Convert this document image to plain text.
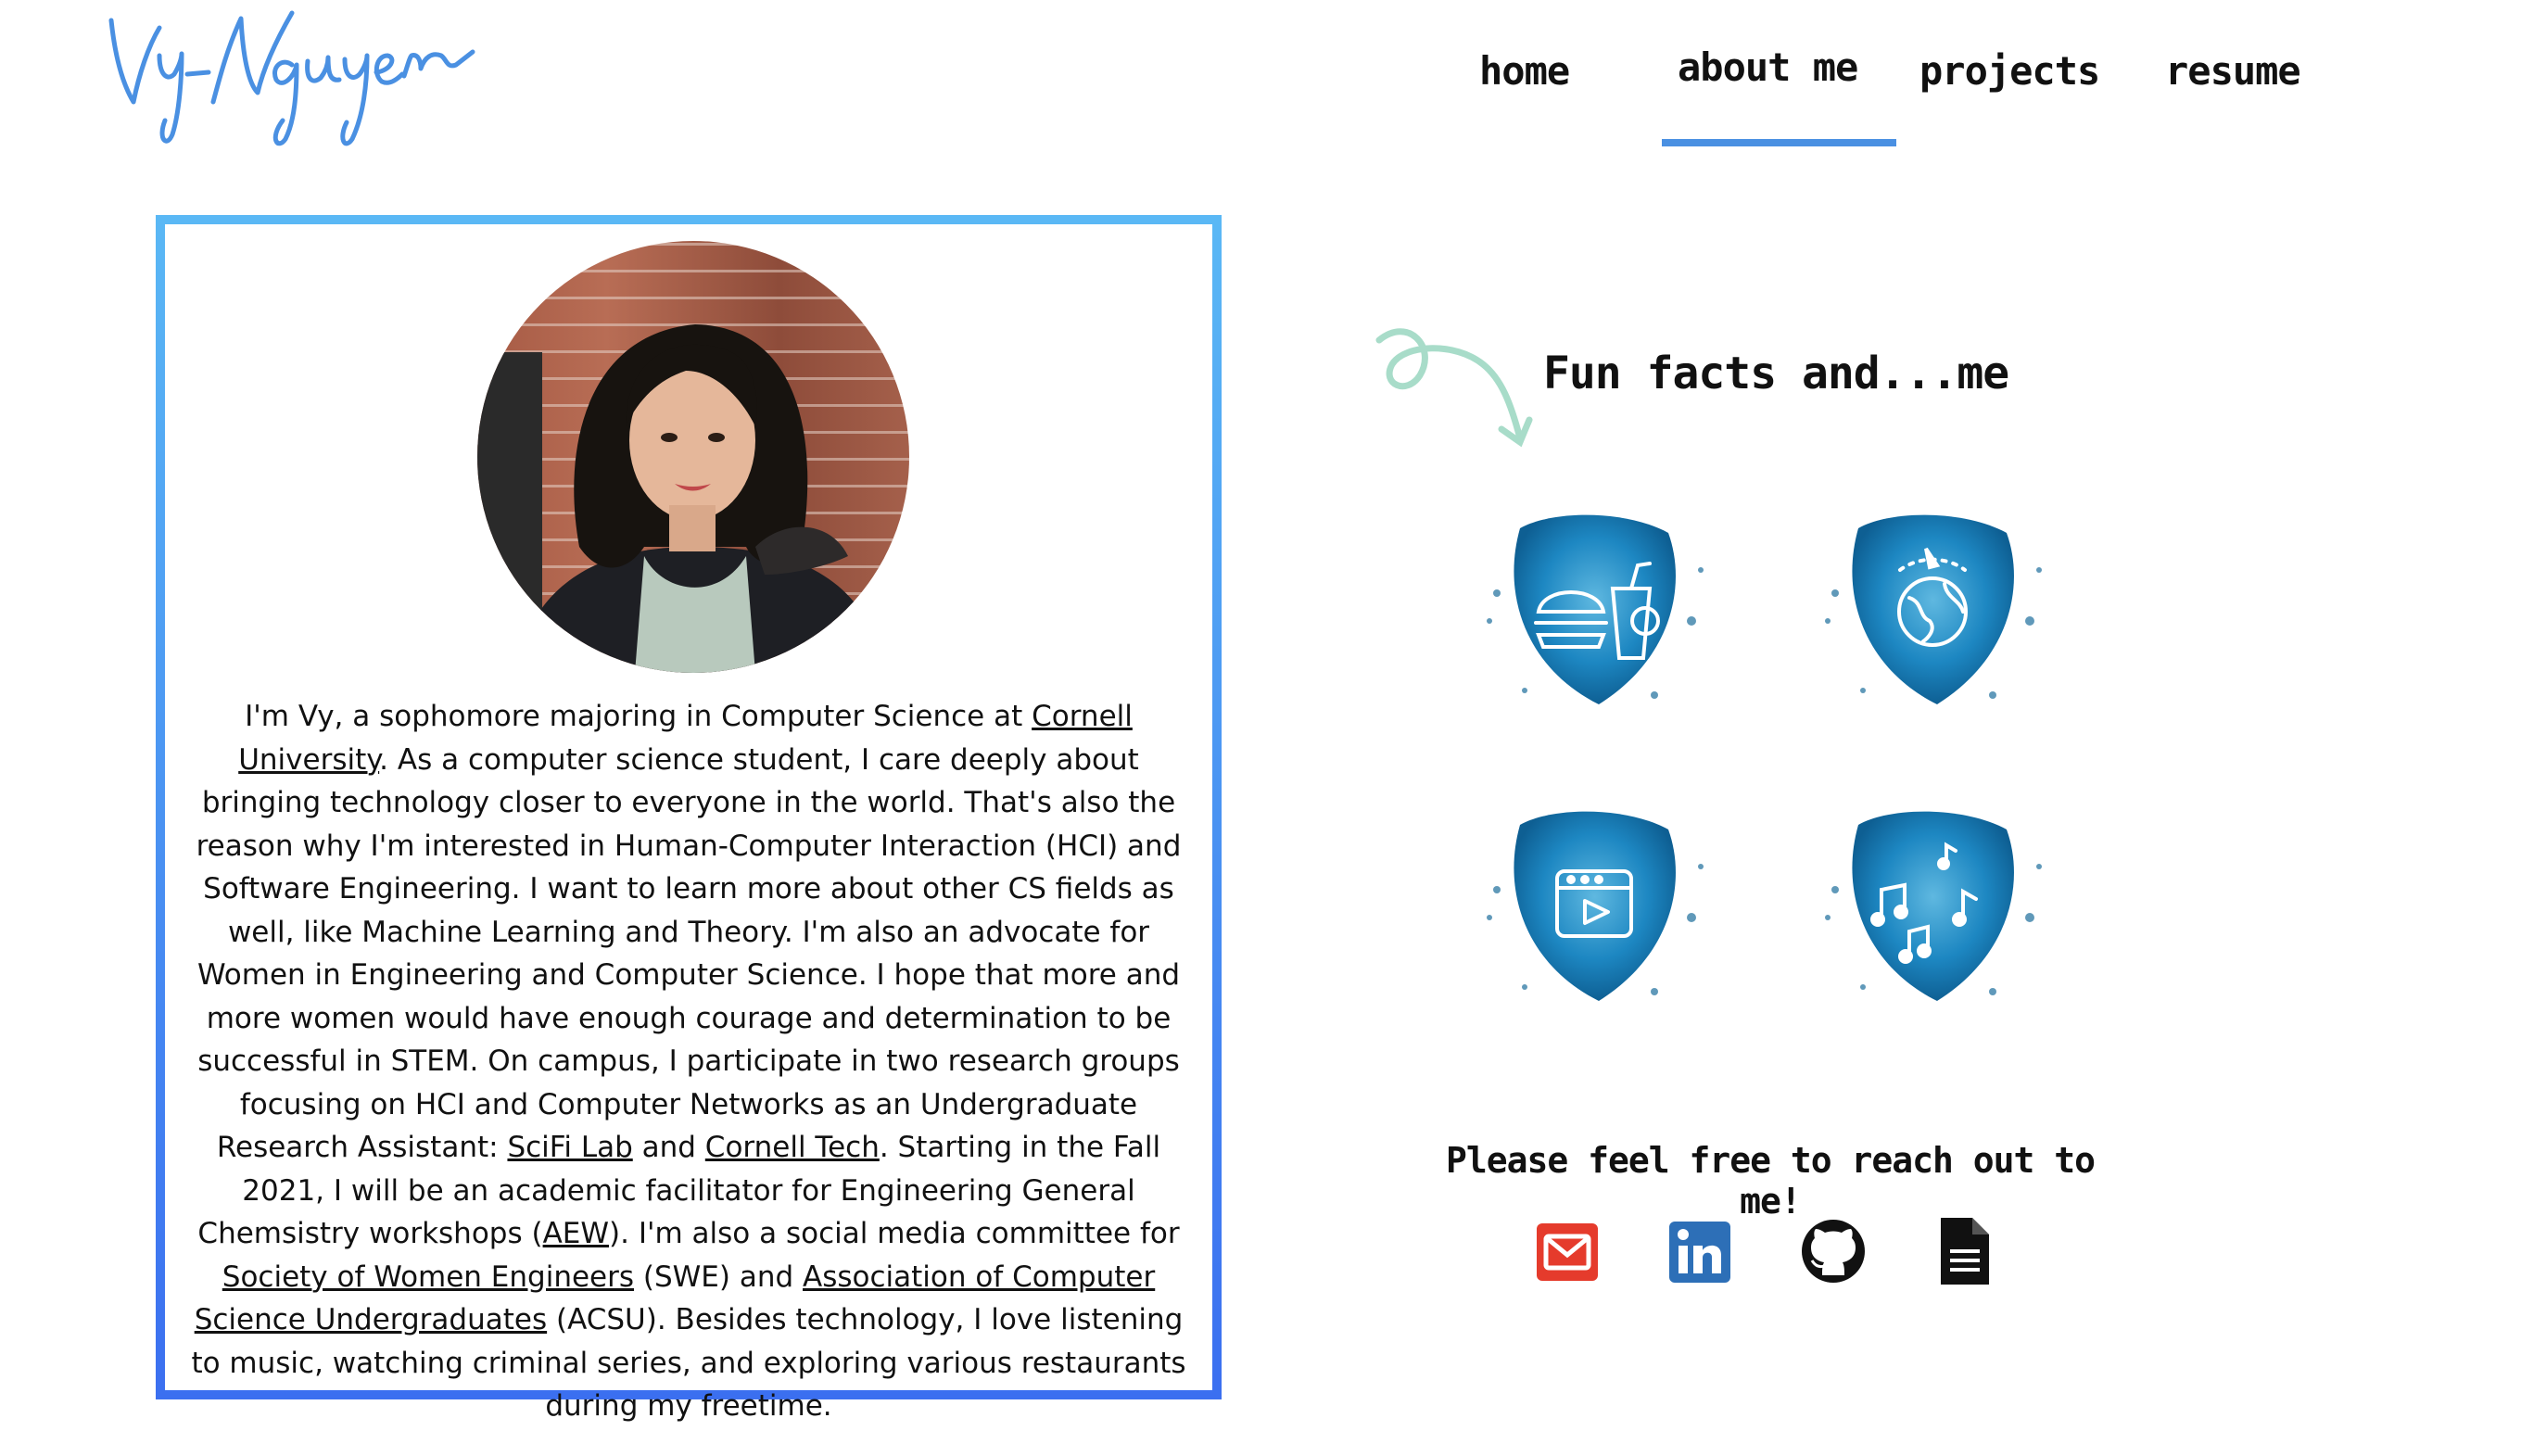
home	about me projects resume
I'm Vy, a sophomore majoring in Computer Science at Cornell University. As a computer science student, I care deeply about bringing technology closer to everyone in the world. That's also the reason why I'm interested in Human-Computer Interaction (HCI) and Software Engineering. I want to learn more about other CS fields as well, like Machine Learning and Theory. I'm also an advocate for Women in Engineering and Computer Science. I hope that more and more women would have enough courage and determination to be successful in STEM. On campus, I participate in two research groups focusing on HCI and Computer Networks as an Undergraduate Research Assistant: SciFi Lab and Cornell Tech. Starting in the Fall 2021, I will be an academic facilitator for Engineering General Chemsistry workshops (AEW). I'm also a social media committee for Society of Women Engineers (SWE) and Association of Computer Science Undergraduates (ACSU). Besides technology, I love listening to music, watching criminal series, and exploring various restaurants during my freetime.
Fun facts and...me
Please feel free to reach out to me!
